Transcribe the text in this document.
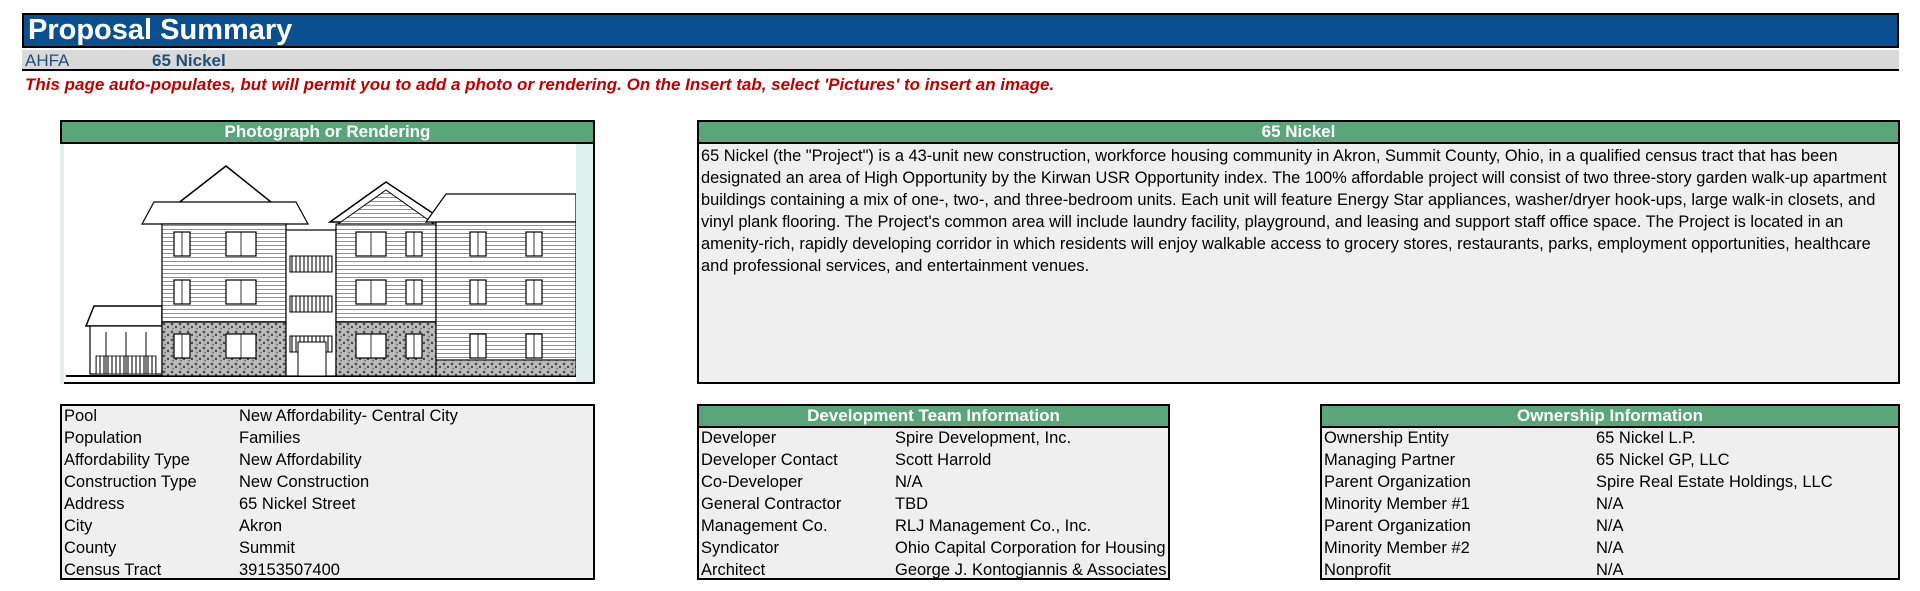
Proposal Summary
AHFA	65 Nickel
This page auto-populates, but will permit you to add a photo or rendering. On the Insert tab, select 'Pictures' to insert an image.
Photograph or Rendering	65 Nickel
65 Nickel (the "Project") is a 43-unit new construction, workforce housing community in Akron, Summit County, Ohio, in a qualified census tract that has been designated an area of High Opportunity by the Kirwan USR Opportunity index. The 100% affordable project will consist of two three-story garden walk-up apartment buildings containing a mix of one-, two-, and three-bedroom units. Each unit will feature Energy Star appliances, washer/dryer hook-ups, large walk-in closets, and vinyl plank flooring. The Project's common area will include laundry facility, playground, and leasing and support staff office space. The Project is located in an amenity-rich, rapidly developing corridor in which residents will enjoy walkable access to grocery stores, restaurants, parks, employment opportunities, healthcare and professional services, and entertainment venues.
Pool	New Affordability- Central City
Population	Families
Affordability Type	New Affordability
Construction Type	New Construction
Address	65 Nickel Street
City	Akron
County	Summit
Census Tract	39153507400
Development Team Information
Developer	Spire Development, Inc.
Developer Contact	Scott Harrold
Co-Developer	N/A
General Contractor	TBD
Management Co.	RLJ Management Co., Inc.
Syndicator	Ohio Capital Corporation for Housing
Architect	George J. Kontogiannis & Associates
Ownership Information
Ownership Entity	65 Nickel L.P.
Managing Partner	65 Nickel GP, LLC
Parent Organization	Spire Real Estate Holdings, LLC
Minority Member #1	N/A
Parent Organization	N/A
Minority Member #2	N/A
Nonprofit	N/A
